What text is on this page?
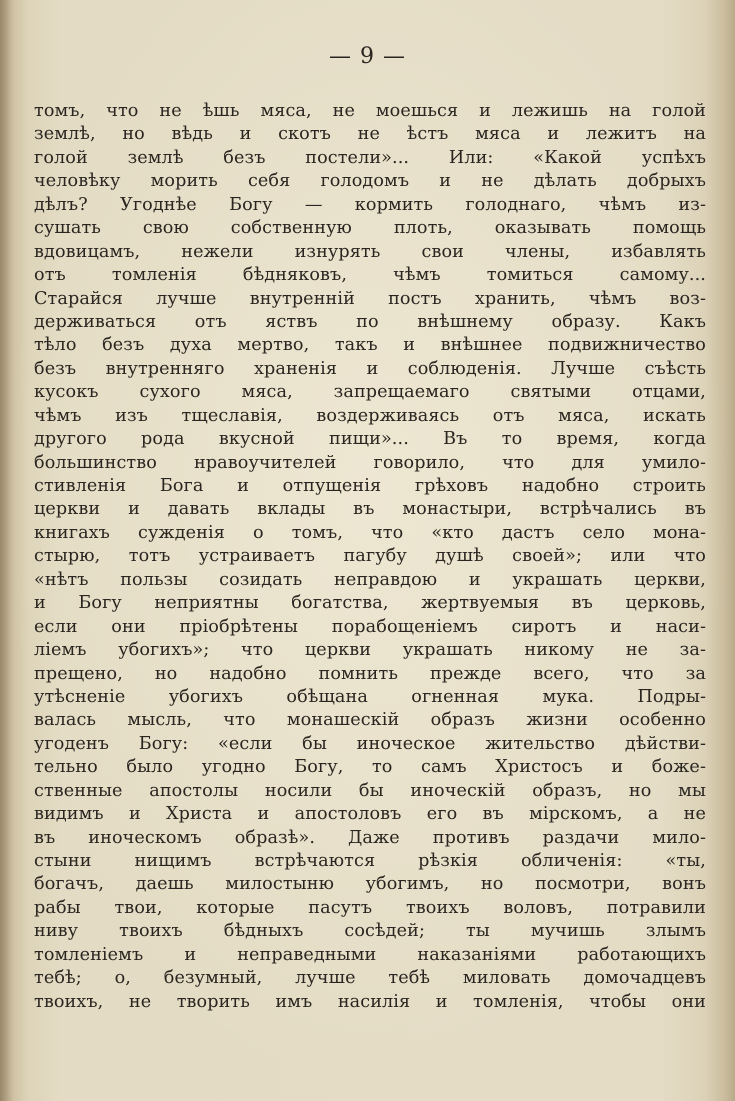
— 9 —
томъ, что не ѣшь мяса, не моешься и лежишь на голой
землѣ, но вѣдь и скотъ не ѣстъ мяса и лежитъ на
голой землѣ безъ постели»... Или: «Какой успѣхъ
человѣку морить себя голодомъ и не дѣлать добрыхъ
дѣлъ? Угоднѣе Богу — кормить голоднаго, чѣмъ из-
сушать свою собственную плоть, оказывать помощь
вдовицамъ, нежели изнурять свои члены, избавлять
отъ томленія бѣдняковъ, чѣмъ томиться самому...
Старайся лучше внутренній постъ хранить, чѣмъ воз-
держиваться отъ яствъ по внѣшнему образу. Какъ
тѣло безъ духа мертво, такъ и внѣшнее подвижничество
безъ внутренняго храненія и соблюденія. Лучше съѣсть
кусокъ сухого мяса, запрещаемаго святыми отцами,
чѣмъ изъ тщеславія, воздерживаясь отъ мяса, искать
другого рода вкусной пищи»... Въ то время, когда
большинство нравоучителей говорило, что для умило-
стивленія Бога и отпущенія грѣховъ надобно строить
церкви и давать вклады въ монастыри, встрѣчались въ
книгахъ сужденія о томъ, что «кто дастъ село мона-
стырю, тотъ устраиваетъ пагубу душѣ своей»; или что
«нѣтъ пользы созидать неправдою и украшать церкви,
и Богу неприятны богатства, жертвуемыя въ церковь,
если они пріобрѣтены порабощеніемъ сиротъ и наси-
ліемъ убогихъ»; что церкви украшать никому не за-
прещено, но надобно помнить прежде всего, что за
утѣсненіе убогихъ обѣщана огненная мука. Подры-
валась мысль, что монашескій образъ жизни особенно
угоденъ Богу: «если бы иноческое жительство дѣйстви-
тельно было угодно Богу, то самъ Христосъ и боже-
ственные апостолы носили бы иноческій образъ, но мы
видимъ и Христа и апостоловъ его въ мірскомъ, а не
въ иноческомъ образѣ». Даже противъ раздачи мило-
стыни нищимъ встрѣчаются рѣзкія обличенія: «ты,
богачъ, даешь милостыню убогимъ, но посмотри, вонъ
рабы твои, которые пасутъ твоихъ воловъ, потравили
ниву твоихъ бѣдныхъ сосѣдей; ты мучишь злымъ
томленіемъ и неправедными наказаніями работающихъ
тебѣ; о, безумный, лучше тебѣ миловать домочадцевъ
твоихъ, не творить имъ насилія и томленія, чтобы они
